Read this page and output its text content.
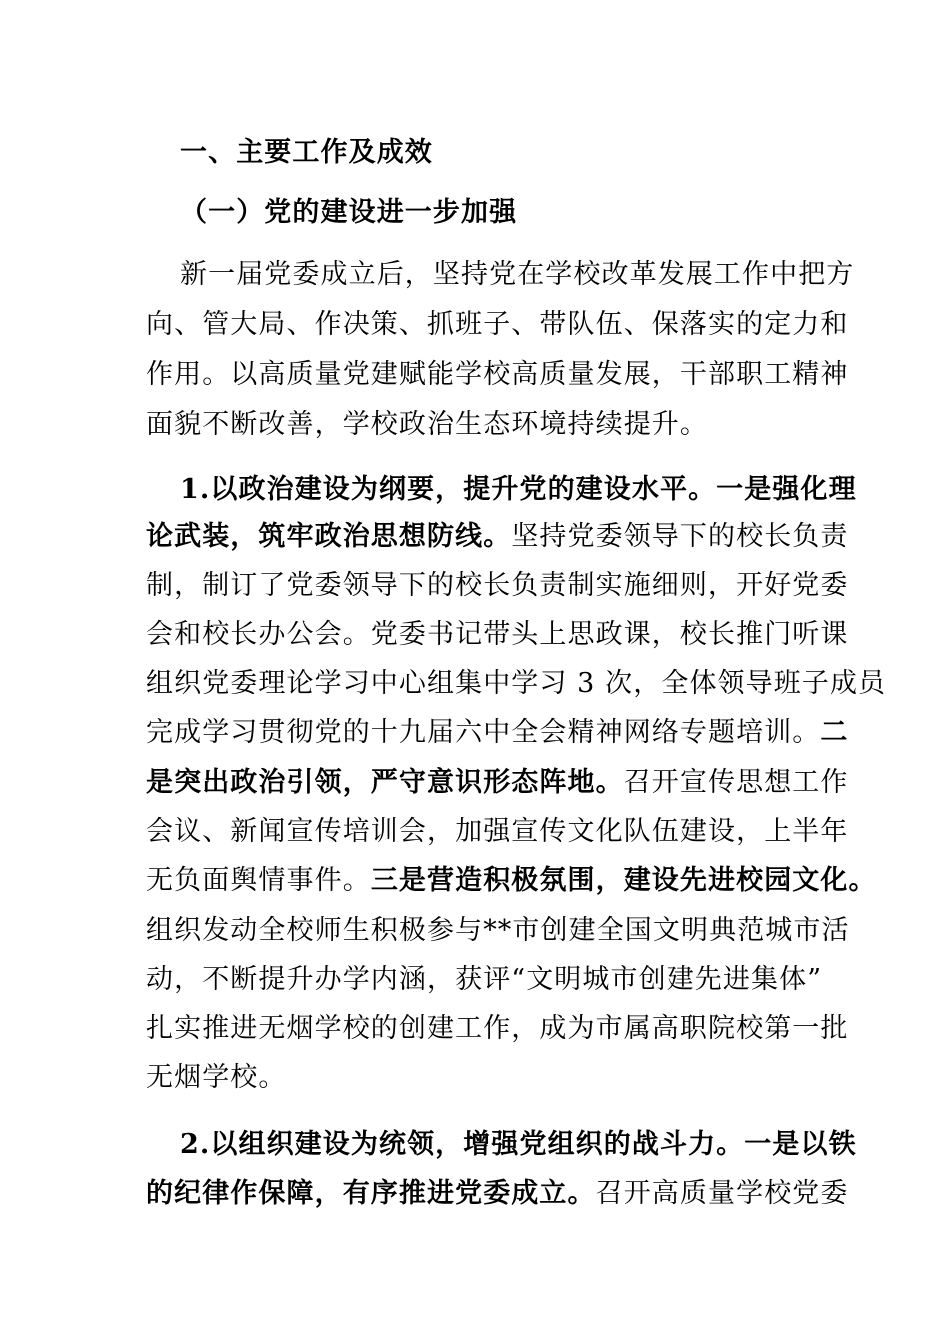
一、主要工作及成效
（一）党的建设进一步加强
新一届党委成立后，坚持党在学校改革发展工作中把方
向、管大局、作决策、抓班子、带队伍、保落实的定力和
作用。以高质量党建赋能学校高质量发展，干部职工精神
面貌不断改善，学校政治生态环境持续提升。
1.以政治建设为纲要，提升党的建设水平。一是强化理
论武装，筑牢政治思想防线。坚持党委领导下的校长负责
制，制订了党委领导下的校长负责制实施细则，开好党委
会和校长办公会。党委书记带头上思政课，校长推门听课
组织党委理论学习中心组集中学习 3 次，全体领导班子成员
完成学习贯彻党的十九届六中全会精神网络专题培训。二
是突出政治引领，严守意识形态阵地。召开宣传思想工作
会议、新闻宣传培训会，加强宣传文化队伍建设，上半年
无负面舆情事件。三是营造积极氛围，建设先进校园文化。
组织发动全校师生积极参与**市创建全国文明典范城市活
动，不断提升办学内涵，获评“文明城市创建先进集体”
扎实推进无烟学校的创建工作，成为市属高职院校第一批
无烟学校。
2.以组织建设为统领，增强党组织的战斗力。一是以铁
的纪律作保障，有序推进党委成立。召开高质量学校党委
